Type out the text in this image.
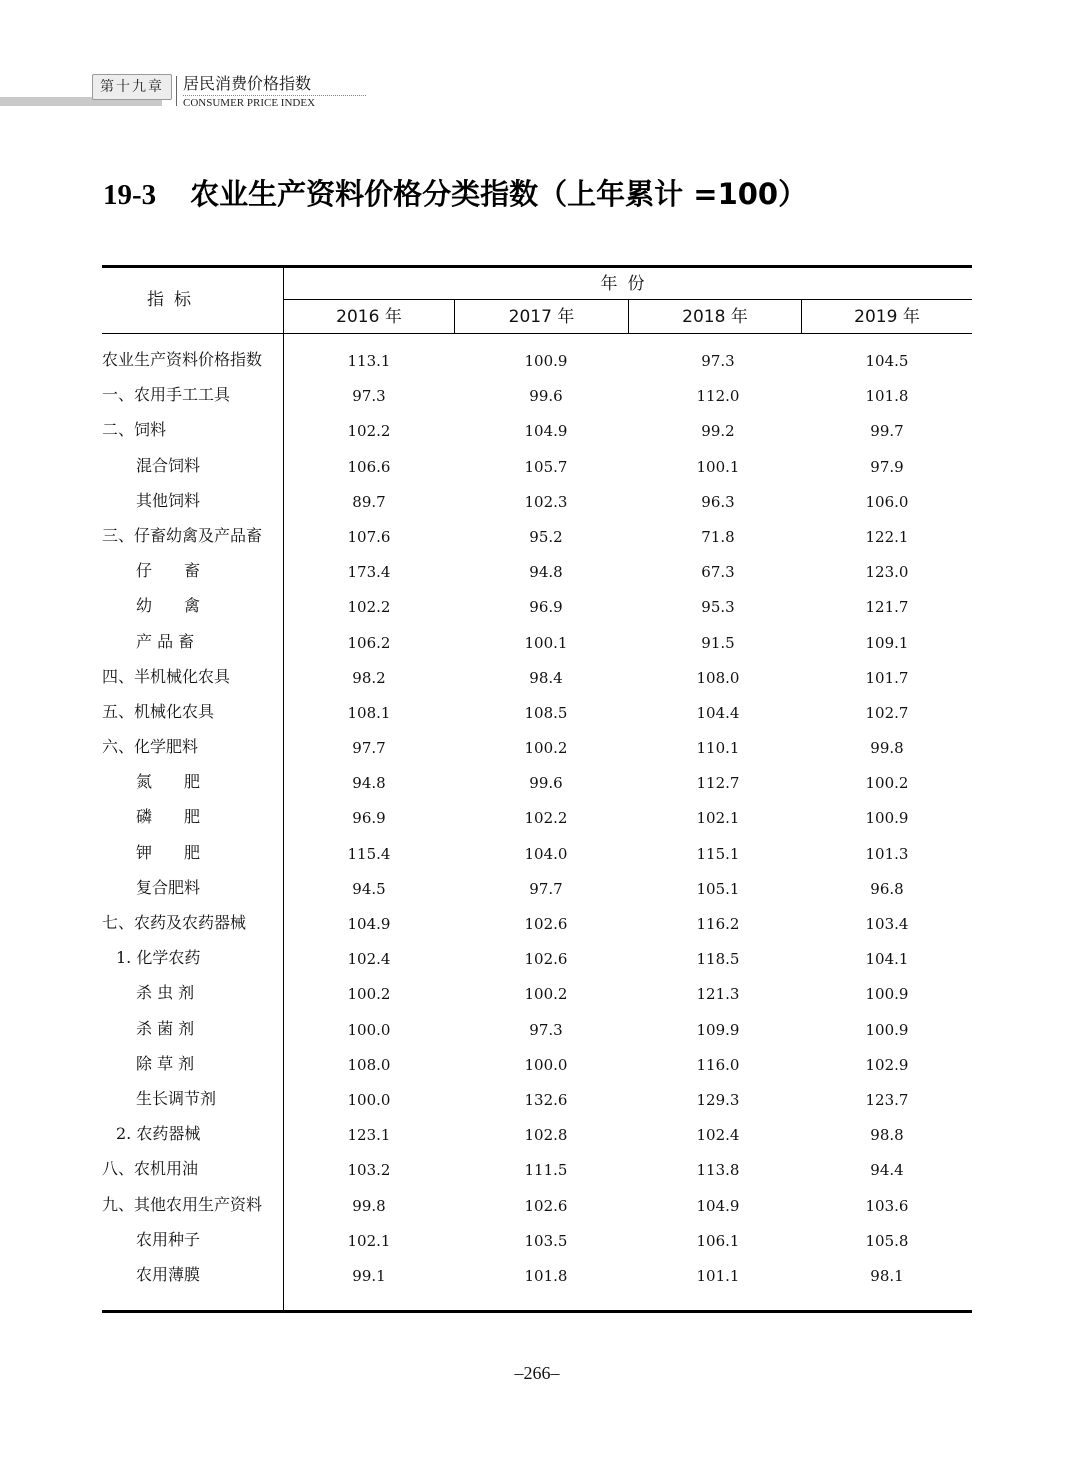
第十九章	居民消费价格指数
CONSUMER PRICE INDEX
19-3 农业生产资料价格分类指数（上年累计 =100）
指标
年份
2016 年	2017 年	2018 年	2019 年
农业生产资料价格指数	113.1	100.9	97.3	104.5
一、农用手工工具	97.3	99.6	112.0	101.8
二、饲料	102.2	104.9	99.2	99.7
混合饲料	106.6	105.7	100.1	97.9
其他饲料	89.7	102.3	96.3	106.0
三、仔畜幼禽及产品畜	107.6	95.2	71.8	122.1
仔　　畜	173.4	94.8	67.3	123.0
幼　　禽	102.2	96.9	95.3	121.7
产 品 畜	106.2	100.1	91.5	109.1
四、半机械化农具	98.2	98.4	108.0	101.7
五、机械化农具	108.1	108.5	104.4	102.7
六、化学肥料	97.7	100.2	110.1	99.8
氮　　肥	94.8	99.6	112.7	100.2
磷　　肥	96.9	102.2	102.1	100.9
钾　　肥	115.4	104.0	115.1	101.3
复合肥料	94.5	97.7	105.1	96.8
七、农药及农药器械	104.9	102.6	116.2	103.4
1. 化学农药	102.4	102.6	118.5	104.1
杀 虫 剂	100.2	100.2	121.3	100.9
杀 菌 剂	100.0	97.3	109.9	100.9
除 草 剂	108.0	100.0	116.0	102.9
生长调节剂	100.0	132.6	129.3	123.7
2. 农药器械	123.1	102.8	102.4	98.8
八、农机用油	103.2	111.5	113.8	94.4
九、其他农用生产资料	99.8	102.6	104.9	103.6
农用种子	102.1	103.5	106.1	105.8
农用薄膜	99.1	101.8	101.1	98.1
–266–
